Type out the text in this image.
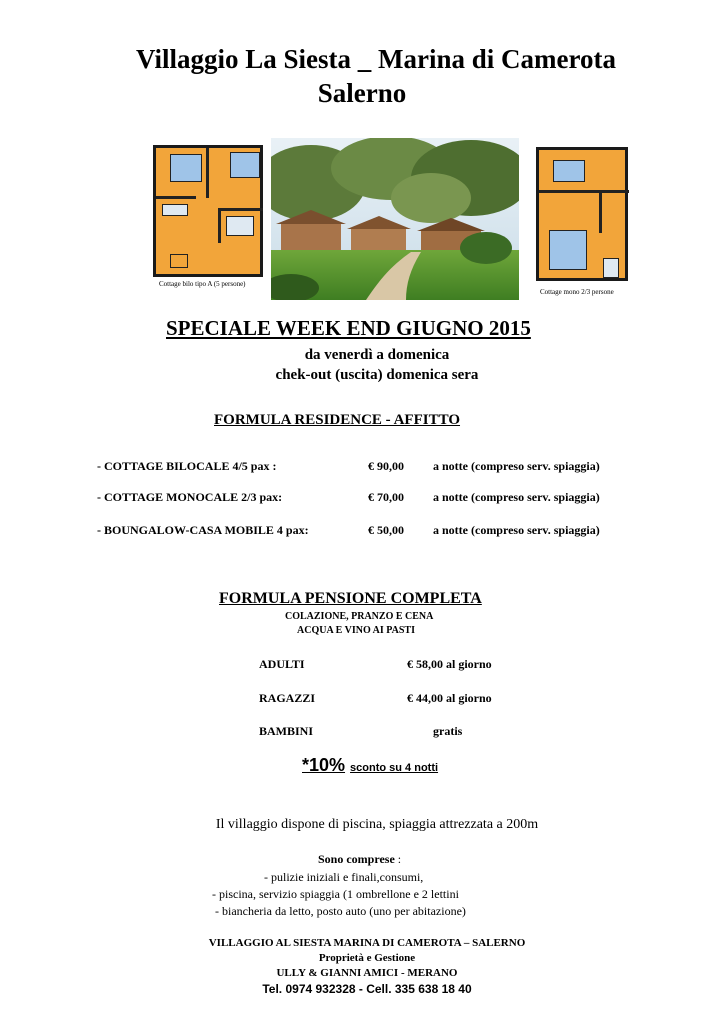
Villaggio La Siesta _ Marina di Camerota
Salerno
Cottage bilo tipo A (5 persone)
Cottage mono 2/3 persone
SPECIALE WEEK END GIUGNO 2015
da venerdì a domenica
chek-out (uscita) domenica sera
FORMULA RESIDENCE - AFFITTO
- COTTAGE BILOCALE 4/5 pax :	€ 90,00 a notte (compreso serv. spiaggia)
- COTTAGE MONOCALE 2/3 pax:	€ 70,00 a notte (compreso serv. spiaggia)
- BOUNGALOW-CASA MOBILE 4 pax:	€ 50,00 a notte (compreso serv. spiaggia)
FORMULA PENSIONE COMPLETA
COLAZIONE, PRANZO E CENA
ACQUA E VINO AI PASTI
ADULTI	€ 58,00 al giorno
RAGAZZI	€ 44,00 al giorno
BAMBINI	gratis
*10% sconto su 4 notti
Il villaggio dispone di piscina, spiaggia attrezzata a 200m
Sono comprese :
- pulizie iniziali e finali,consumi,
- piscina, servizio spiaggia (1 ombrellone e 2 lettini
- biancheria da letto, posto auto (uno per abitazione)
VILLAGGIO AL SIESTA MARINA DI CAMEROTA – SALERNO
Proprietà e Gestione
ULLY & GIANNI AMICI - MERANO
Tel. 0974 932328 - Cell. 335 638 18 40
